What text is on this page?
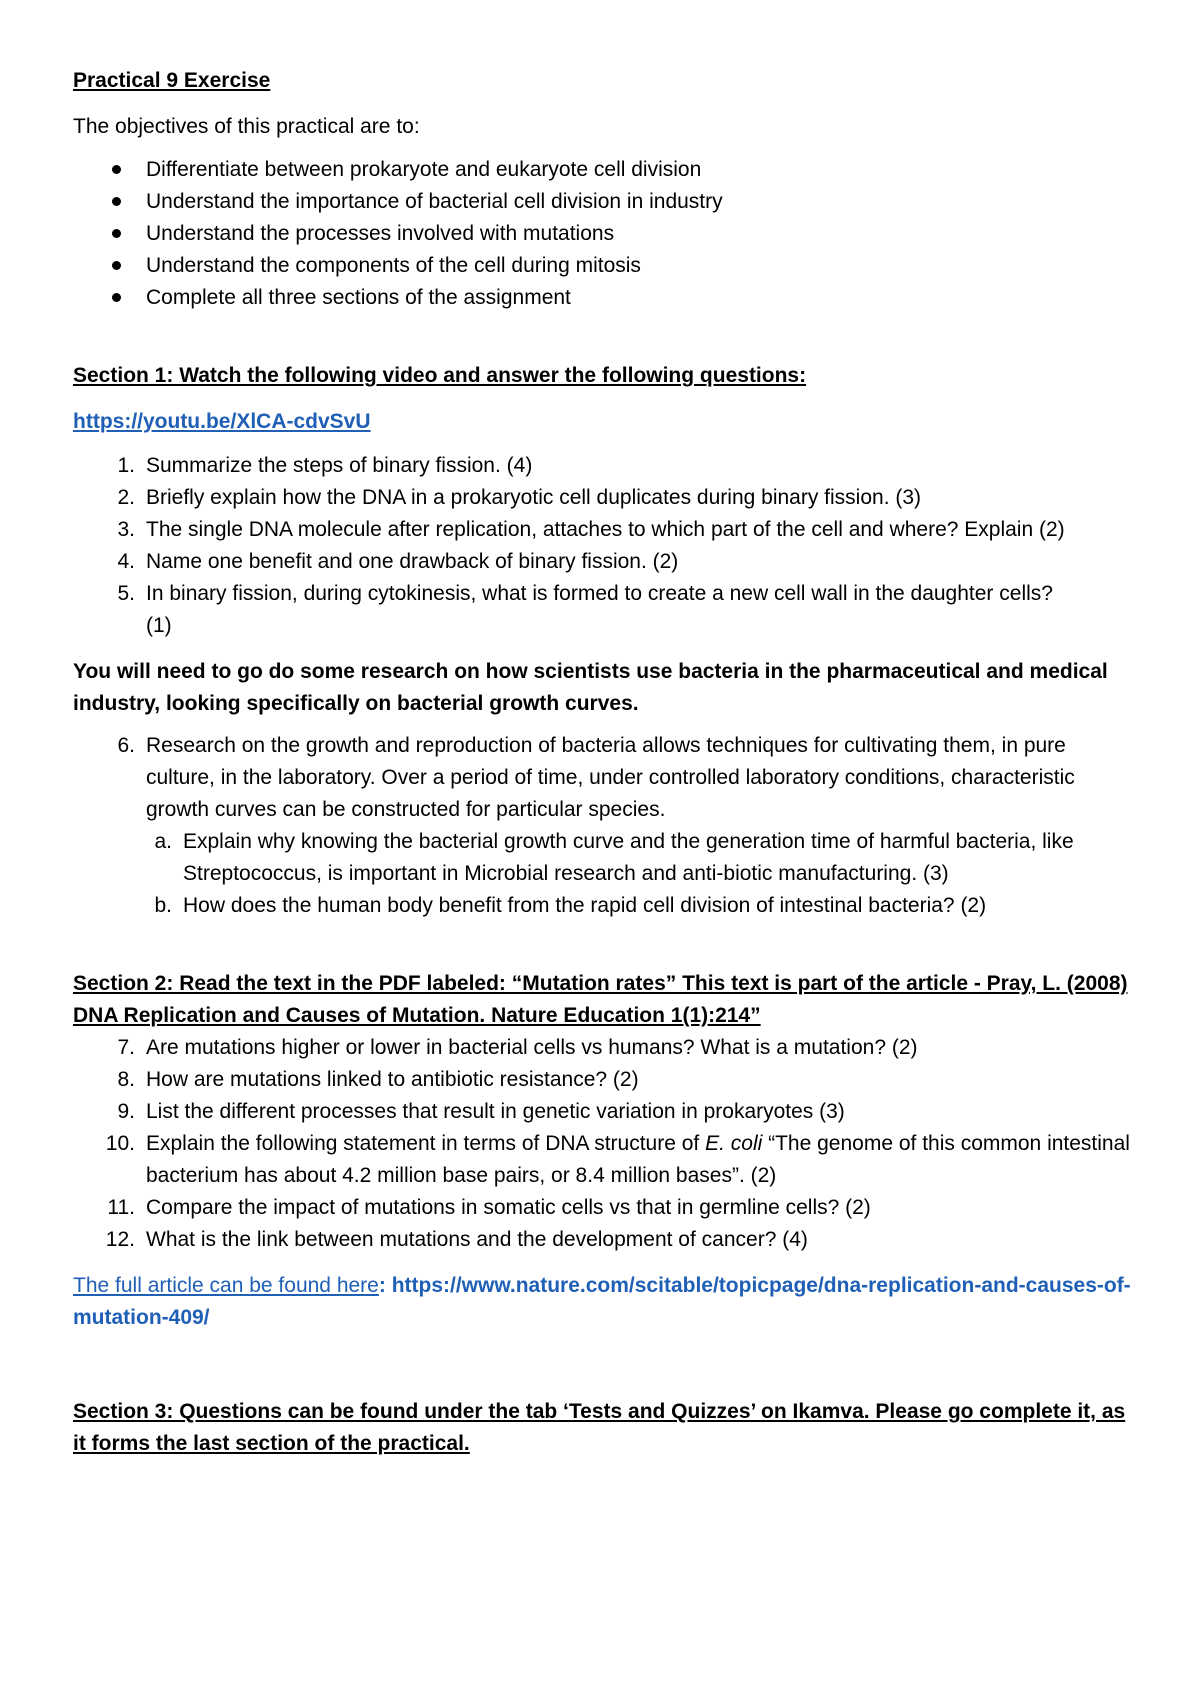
Practical 9 Exercise
The objectives of this practical are to:
Differentiate between prokaryote and eukaryote cell division
Understand the importance of bacterial cell division in industry
Understand the processes involved with mutations
Understand the components of the cell during mitosis
Complete all three sections of the assignment
Section 1: Watch the following video and answer the following questions:
https://youtu.be/XlCA-cdvSvU
1. Summarize the steps of binary fission. (4)
2. Briefly explain how the DNA in a prokaryotic cell duplicates during binary fission. (3)
3. The single DNA molecule after replication, attaches to which part of the cell and where? Explain (2)
4. Name one benefit and one drawback of binary fission. (2)
5. In binary fission, during cytokinesis, what is formed to create a new cell wall in the daughter cells?
(1)
You will need to go do some research on how scientists use bacteria in the pharmaceutical and medical industry, looking specifically on bacterial growth curves.
6. Research on the growth and reproduction of bacteria allows techniques for cultivating them, in pure culture, in the laboratory. Over a period of time, under controlled laboratory conditions, characteristic growth curves can be constructed for particular species.
a. Explain why knowing the bacterial growth curve and the generation time of harmful bacteria, like Streptococcus, is important in Microbial research and anti-biotic manufacturing. (3)
b. How does the human body benefit from the rapid cell division of intestinal bacteria? (2)
Section 2: Read the text in the PDF labeled: “Mutation rates” This text is part of the article - Pray, L. (2008) DNA Replication and Causes of Mutation. Nature Education 1(1):214”
7. Are mutations higher or lower in bacterial cells vs humans? What is a mutation? (2)
8. How are mutations linked to antibiotic resistance? (2)
9. List the different processes that result in genetic variation in prokaryotes (3)
10. Explain the following statement in terms of DNA structure of E. coli “The genome of this common intestinal bacterium has about 4.2 million base pairs, or 8.4 million bases”. (2)
11. Compare the impact of mutations in somatic cells vs that in germline cells? (2)
12. What is the link between mutations and the development of cancer? (4)
The full article can be found here: https://www.nature.com/scitable/topicpage/dna-replication-and-causes-of-mutation-409/
Section 3: Questions can be found under the tab ‘Tests and Quizzes’ on Ikamva. Please go complete it, as it forms the last section of the practical.
